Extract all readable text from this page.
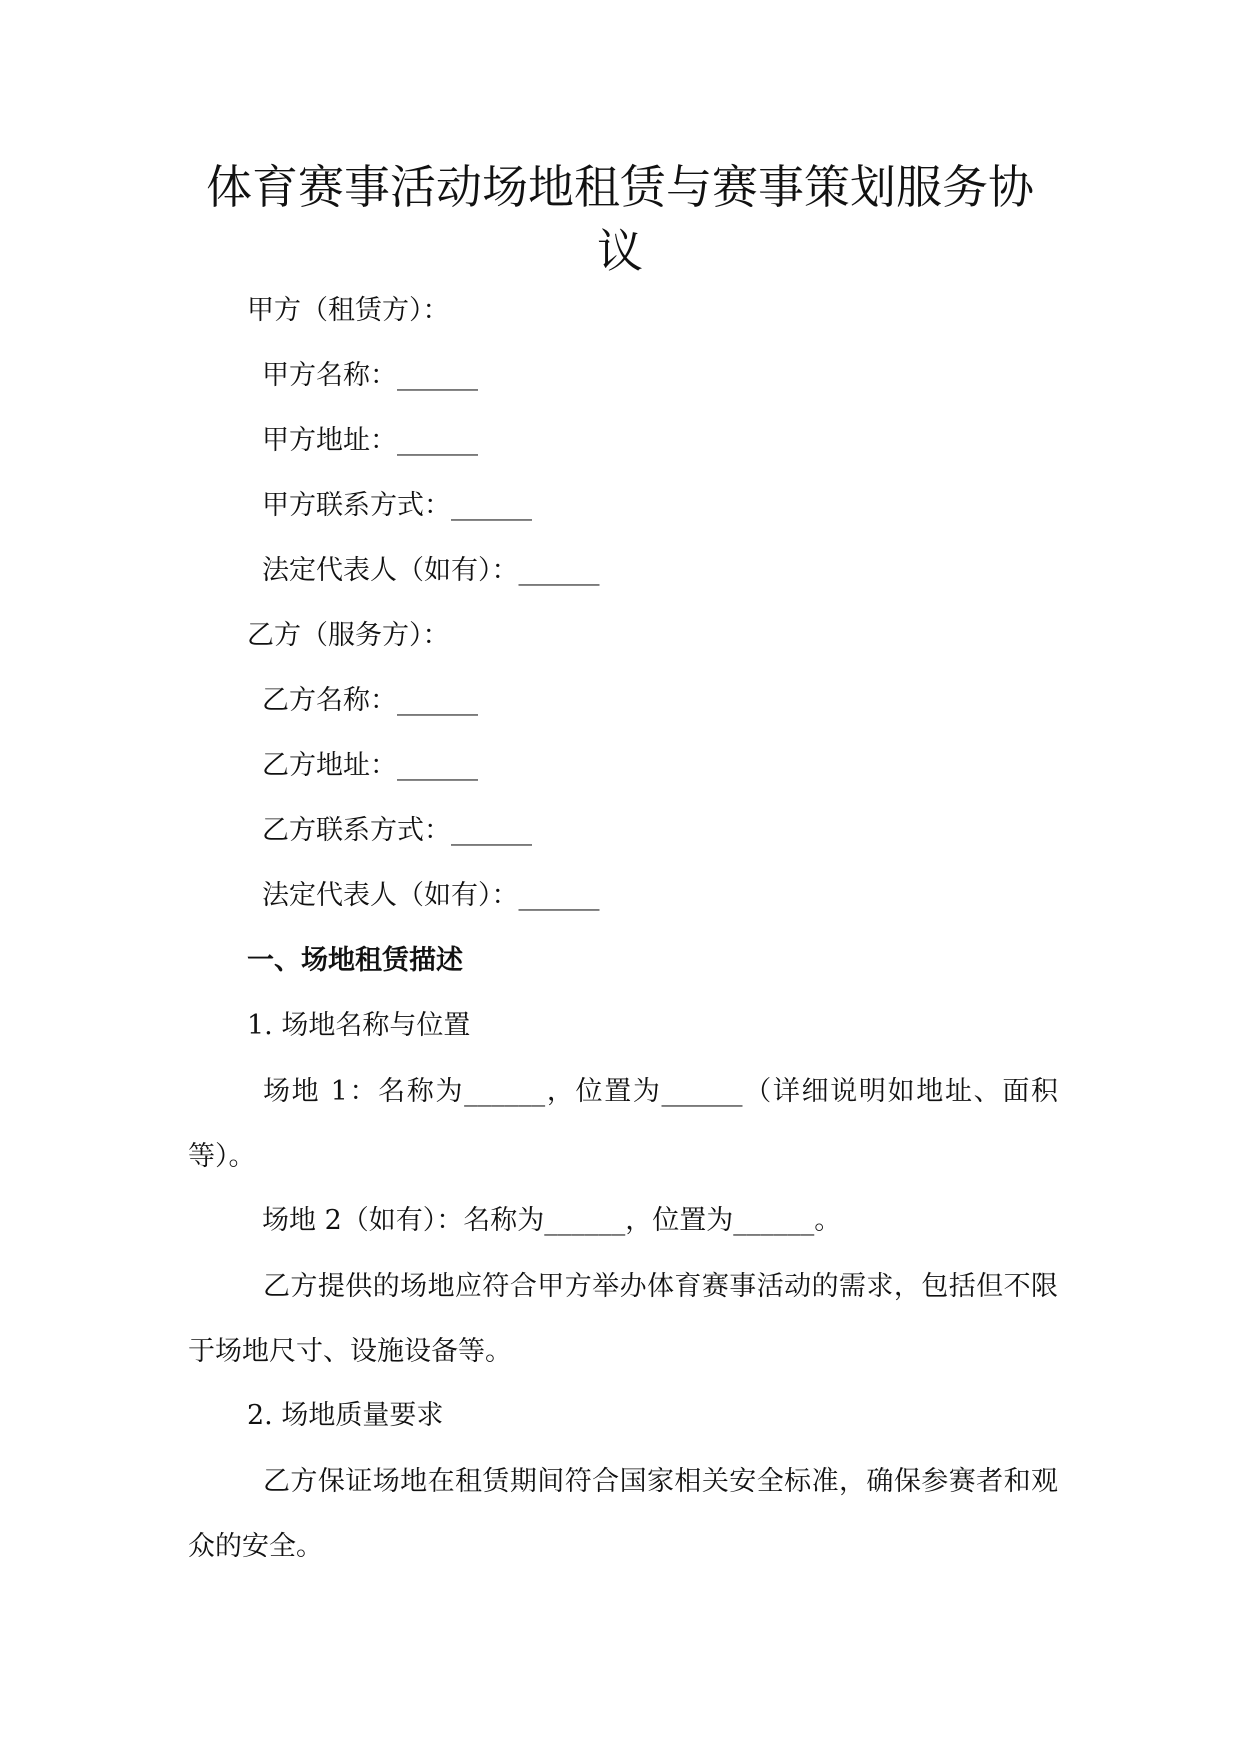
体育赛事活动场地租赁与赛事策划服务协
议

甲方（租赁方）：

甲方名称：______

甲方地址：______

甲方联系方式：______

法定代表人（如有）：______

乙方（服务方）：

乙方名称：______

乙方地址：______

乙方联系方式：______

法定代表人（如有）：______

一、场地租赁描述

1. 场地名称与位置

场地 1：名称为______，位置为______（详细说明如地址、面积等）。

场地 2（如有）：名称为______，位置为______。

乙方提供的场地应符合甲方举办体育赛事活动的需求，包括但不限于场地尺寸、设施设备等。

2. 场地质量要求

乙方保证场地在租赁期间符合国家相关安全标准，确保参赛者和观众的安全。
